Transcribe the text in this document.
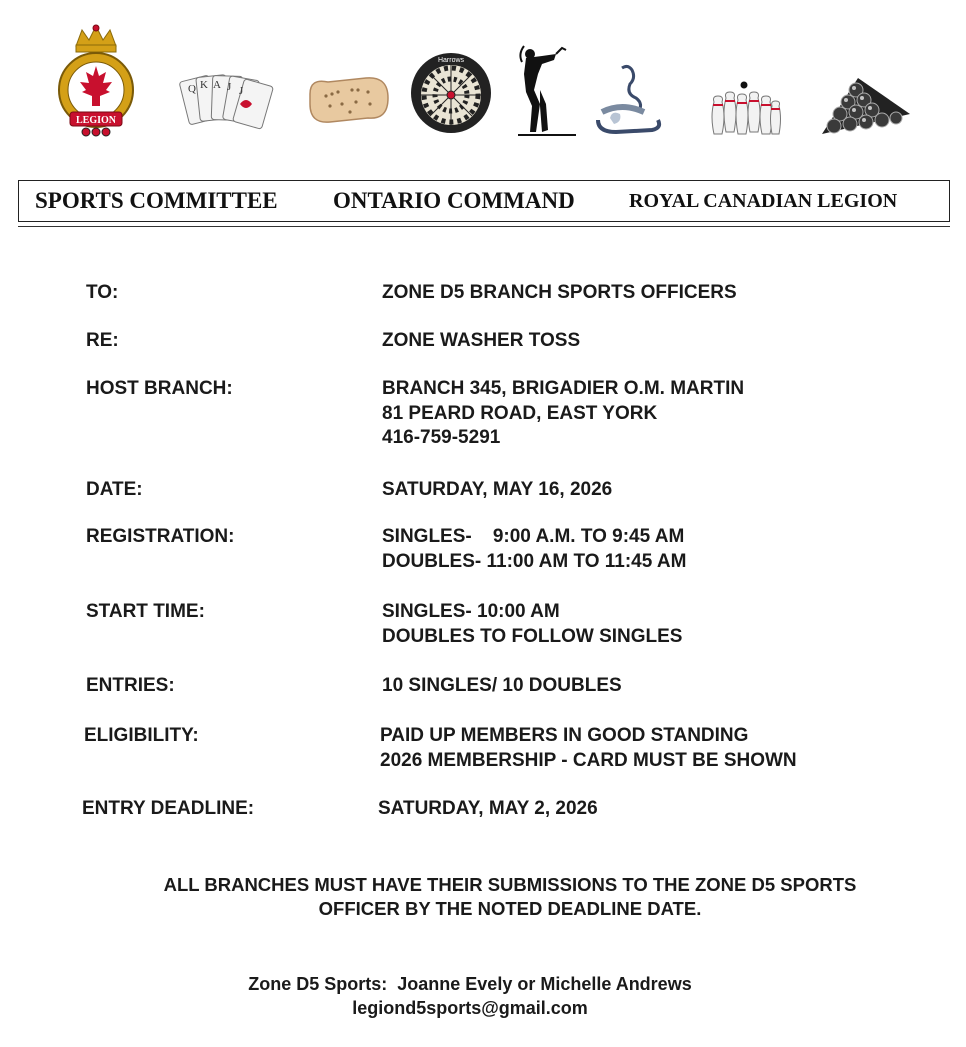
LEGION
Q K A J J
Harrows
SPORTS COMMITTEE ONTARIO COMMAND	ROYAL CANADIAN LEGION
TO:	ZONE D5 BRANCH SPORTS OFFICERS
RE:	ZONE WASHER TOSS
HOST BRANCH:	BRANCH 345, BRIGADIER O.M. MARTIN
81 PEARD ROAD, EAST YORK
416-759-5291
DATE:	SATURDAY, MAY 16, 2026
REGISTRATION:	SINGLES-    9:00 A.M. TO 9:45 AM
DOUBLES- 11:00 AM TO 11:45 AM
START TIME:	SINGLES- 10:00 AM
DOUBLES TO FOLLOW SINGLES
ENTRIES:	10 SINGLES/ 10 DOUBLES
ELIGIBILITY:	PAID UP MEMBERS IN GOOD STANDING
2026 MEMBERSHIP - CARD MUST BE SHOWN
ENTRY DEADLINE:	SATURDAY, MAY 2, 2026
ALL BRANCHES MUST HAVE THEIR SUBMISSIONS TO THE ZONE D5 SPORTS
OFFICER BY THE NOTED DEADLINE DATE.
Zone D5 Sports:  Joanne Evely or Michelle Andrews
legiond5sports@gmail.com
